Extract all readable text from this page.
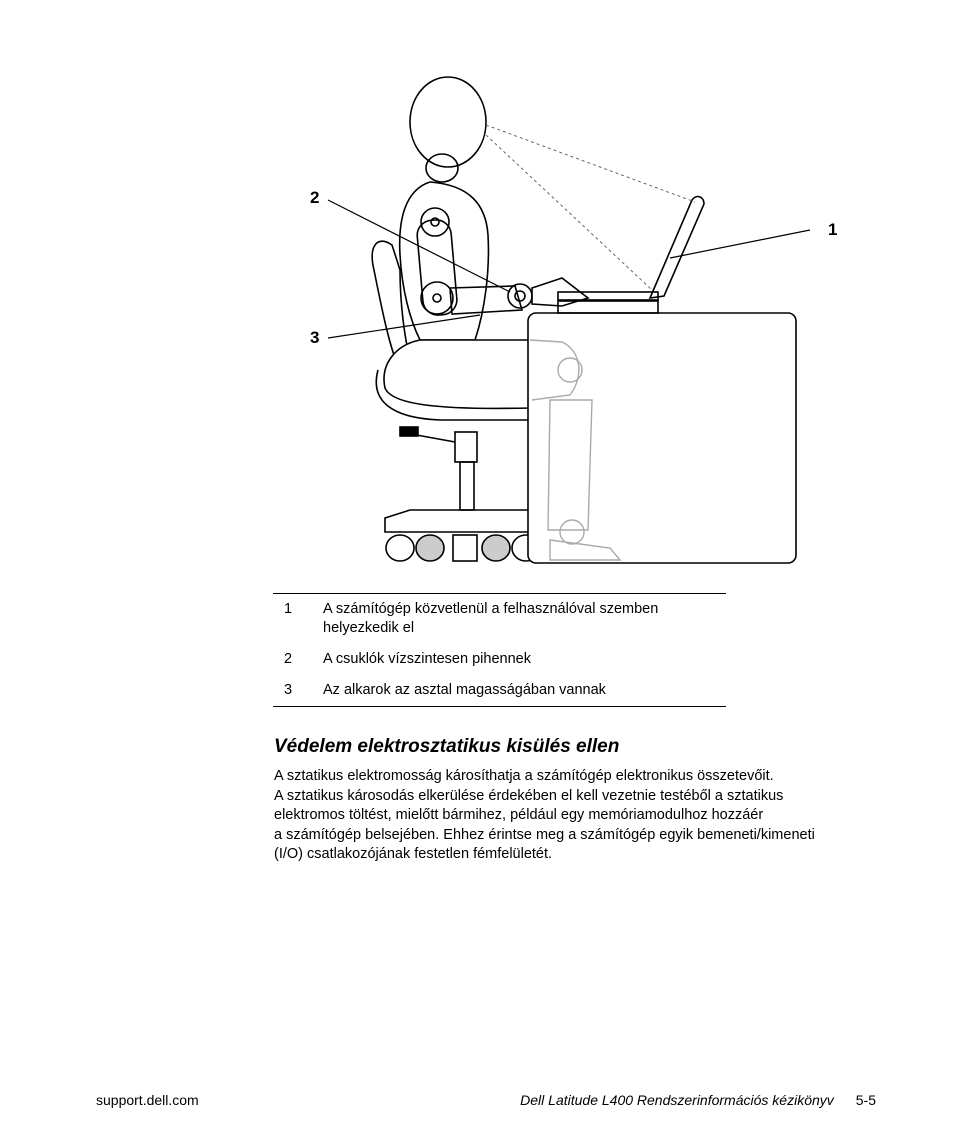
1
2
3
1	A számítógép közvetlenül a felhasználóval szemben
helyezkedik el
2	A csuklók vízszintesen pihennek
3	Az alkarok az asztal magasságában vannak
Védelem elektrosztatikus kisülés ellen
A sztatikus elektromosság károsíthatja a számítógép elektronikus összetevőit.
A sztatikus károsodás elkerülése érdekében el kell vezetnie testéből a sztatikus
elektromos töltést, mielőtt bármihez, például egy memóriamodulhoz hozzáér
a számítógép belsejében. Ehhez érintse meg a számítógép egyik bemeneti/kimeneti
(I/O) csatlakozójának festetlen fémfelületét.
support.dell.com	Dell Latitude L400 Rendszerinformációs kézikönyv 5-5
